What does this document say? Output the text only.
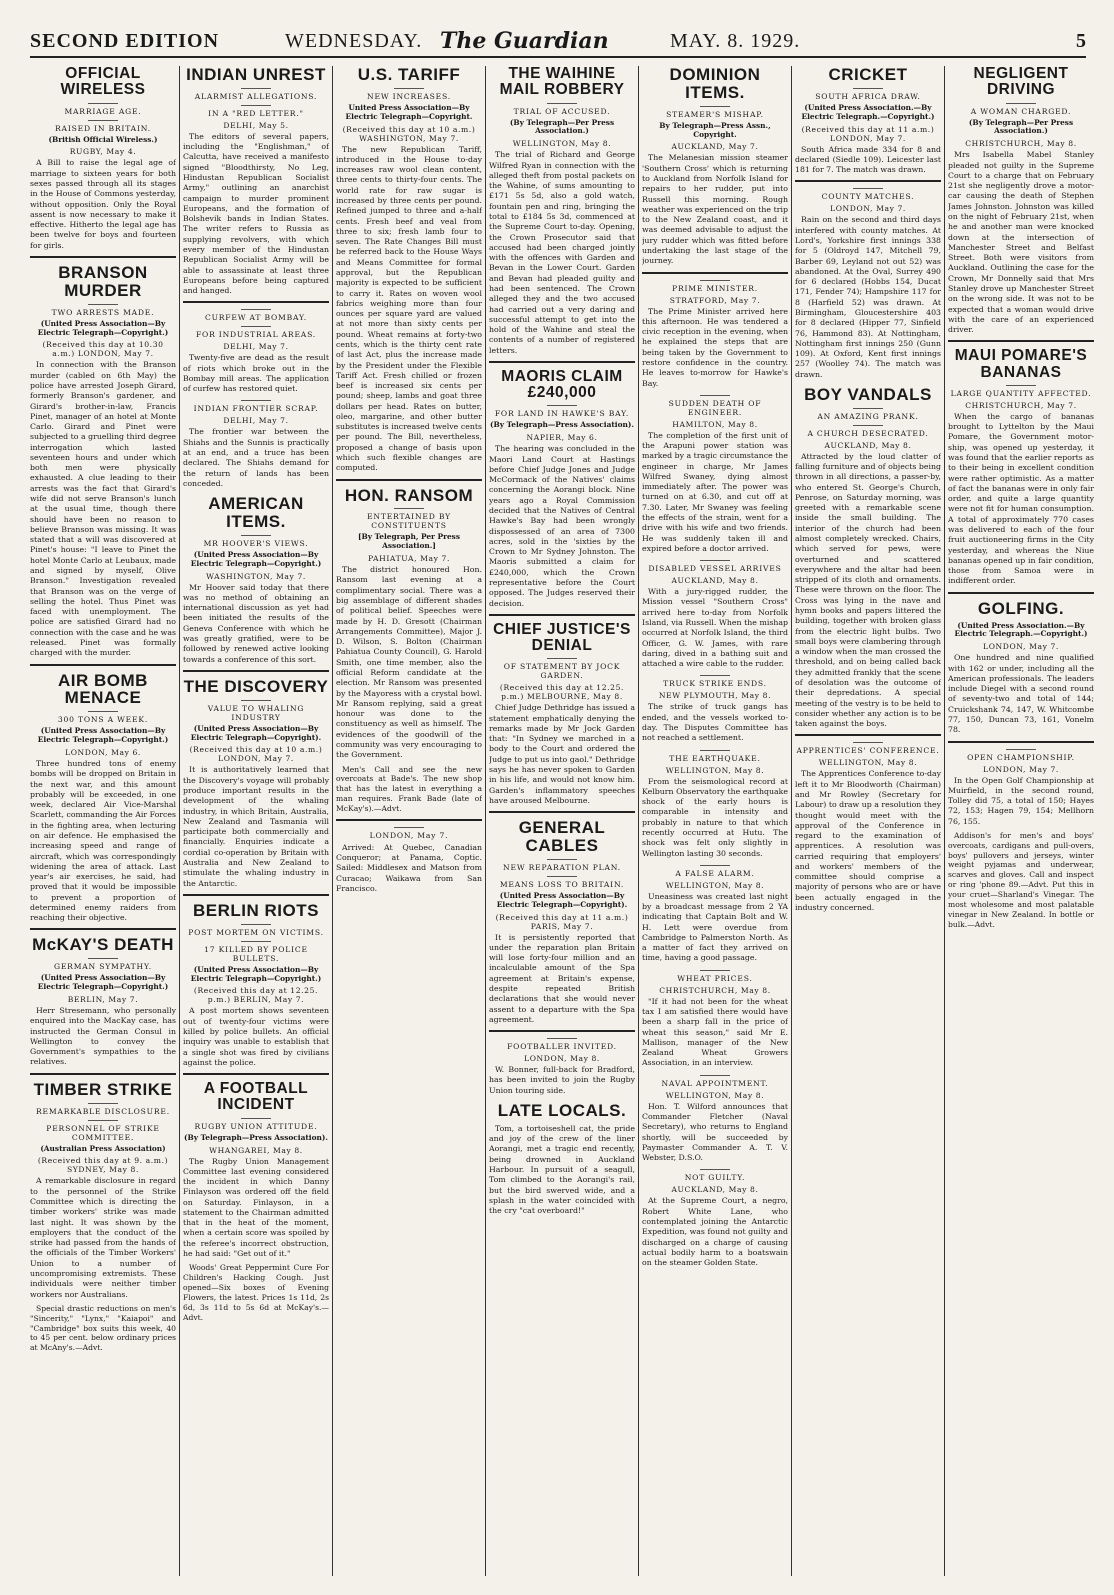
SECOND EDITION	WEDNESDAY. The Guardian	MAY. 8. 1929.	5
OFFICIAL WIRELESS
MARRIAGE AGE.
RAISED IN BRITAIN.
(British Official Wireless.)
RUGBY, May 4.
A Bill to raise the legal age of marriage to sixteen years for both sexes passed through all its stages in the House of Commons yesterday, without opposition. Only the Royal assent is now necessary to make it effective. Hitherto the legal age has been twelve for boys and fourteen for girls.
BRANSON MURDER
TWO ARRESTS MADE.
(United Press Association—By Electric Telegraph—Copyright.)
(Received this day at 10.30 a.m.) LONDON, May 7.
In connection with the Branson murder (cabled on 6th May) the police have arrested Joseph Girard, formerly Branson's gardener, and Girard's brother-in-law, Francis Pinet, manager of an hotel at Monte Carlo. Girard and Pinet were subjected to a gruelling third degree interrogation which lasted seventeen hours and under which both men were physically exhausted. A clue leading to their arrests was the fact that Girard's wife did not serve Branson's lunch at the usual time, though there should have been no reason to believe Branson was missing. It was stated that a will was discovered at Pinet's house: "I leave to Pinet the hotel Monte Carlo at Leubaux, made and signed by myself, Olive Branson." Investigation revealed that Branson was on the verge of selling the hotel. Thus Pinet was faced with unemployment. The police are satisfied Girard had no connection with the case and he was released. Pinet was formally charged with the murder.
AIR BOMB MENACE
300 TONS A WEEK.
(United Press Association—By Electric Telegraph—Copyright.)
LONDON, May 6.
Three hundred tons of enemy bombs will be dropped on Britain in the next war, and this amount probably will be exceeded, in one week, declared Air Vice-Marshal Scarlett, commanding the Air Forces in the fighting area, when lecturing on air defence. He emphasised the increasing speed and range of aircraft, which was correspondingly widening the area of attack. Last year's air exercises, he said, had proved that it would be impossible to prevent a proportion of determined enemy raiders from reaching their objective.
McKAY'S DEATH
GERMAN SYMPATHY.
(United Press Association—By Electric Telegraph—Copyright.)
BERLIN, May 7.
Herr Stresemann, who personally enquired into the MacKay case, has instructed the German Consul in Wellington to convey the Government's sympathies to the relatives.
TIMBER STRIKE
REMARKABLE DISCLOSURE.
PERSONNEL OF STRIKE COMMITTEE.
(Australian Press Association)
(Received this day at 9. a.m.) SYDNEY, May 8.
A remarkable disclosure in regard to the personnel of the Strike Committee which is directing the timber workers' strike was made last night. It was shown by the employers that the conduct of the strike had passed from the hands of the officials of the Timber Workers' Union to a number of uncompromising extremists. These individuals were neither timber workers nor Australians.
Special drastic reductions on men's "Sincerity," "Lynx," "Kaiapoi" and "Cambridge" box suits this week, 40 to 45 per cent. below ordinary prices at McAny's.—Advt.
INDIAN UNREST
ALARMIST ALLEGATIONS.
IN A "RED LETTER."
DELHI, May 5.
The editors of several papers, including the "Englishman," of Calcutta, have received a manifesto signed "Bloodthirsty, No Leg, Hindustan Republican Socialist Army," outlining an anarchist campaign to murder prominent Europeans, and the formation of Bolshevik bands in Indian States. The writer refers to Russia as supplying revolvers, with which every member of the Hindustan Republican Socialist Army will be able to assassinate at least three Europeans before being captured and hanged.
CURFEW AT BOMBAY.
FOR INDUSTRIAL AREAS.
DELHI, May 7.
Twenty-five are dead as the result of riots which broke out in the Bombay mill areas. The application of curfew has restored quiet.
INDIAN FRONTIER SCRAP.
DELHI, May 7.
The frontier war between the Shiahs and the Sunnis is practically at an end, and a truce has been declared. The Shiahs demand for the return of lands has been conceded.
AMERICAN ITEMS.
MR HOOVER'S VIEWS.
(United Press Association—By Electric Telegraph—Copyright.)
WASHINGTON, May 7.
Mr Hoover said today that there was no method of obtaining an international discussion as yet had been initiated the results of the Geneva Conference with which he was greatly gratified, were to be followed by renewed active looking towards a conference of this sort.
THE DISCOVERY
VALUE TO WHALING INDUSTRY
(United Press Association—By Electric Telegraph—Copyright).
(Received this day at 10 a.m.) LONDON, May 7.
It is authoritatively learned that the Discovery's voyage will probably produce important results in the development of the whaling industry, in which Britain, Australia, New Zealand and Tasmania will participate both commercially and financially. Enquiries indicate a cordial co-operation by Britain with Australia and New Zealand to stimulate the whaling industry in the Antarctic.
BERLIN RIOTS
POST MORTEM ON VICTIMS.
17 KILLED BY POLICE BULLETS.
(United Press Association—By Electric Telegraph—Copyright.)
(Received this day at 12.25. p.m.) BERLIN, May 7.
A post mortem shows seventeen out of twenty-four victims were killed by police bullets. An official inquiry was unable to establish that a single shot was fired by civilians against the police.
A FOOTBALL INCIDENT
RUGBY UNION ATTITUDE.
(By Telegraph—Press Association).
WHANGAREI, May 8.
The Rugby Union Management Committee last evening considered the incident in which Danny Finlayson was ordered off the field on Saturday. Finlayson, in a statement to the Chairman admitted that in the heat of the moment, when a certain score was spoiled by the referee's incorrect obstruction, he had said: "Get out of it."
Woods' Great Peppermint Cure For Children's Hacking Cough. Just opened—Six boxes of Evening Flowers, the latest. Prices 1s 11d, 2s 6d, 3s 11d to 5s 6d at McKay's.—Advt.
U.S. TARIFF
NEW INCREASES.
United Press Association—By Electric Telegraph—Copyright.
(Received this day at 10 a.m.) WASHINGTON, May 7.
The new Republican Tariff, introduced in the House to-day increases raw wool clean content, three cents to thirty-four cents. The world rate for raw sugar is increased by three cents per pound. Refined jumped to three and a-half cents. Fresh beef and veal from three to six; fresh lamb four to seven. The Rate Changes Bill must be referred back to the House Ways and Means Committee for formal approval, but the Republican majority is expected to be sufficient to carry it. Rates on woven wool fabrics weighing more than four ounces per square yard are valued at not more than sixty cents per pound. Wheat remains at forty-two cents, which is the thirty cent rate of last Act, plus the increase made by the President under the Flexible Tariff Act. Fresh chilled or frozen beef is increased six cents per pound; sheep, lambs and goat three dollars per head. Rates on butter, oleo, margarine, and other butter substitutes is increased twelve cents per pound. The Bill, nevertheless, proposed a change of basis upon which such flexible changes are computed.
HON. RANSOM
ENTERTAINED BY CONSTITUENTS
[By Telegraph, Per Press Association.]
PAHIATUA, May 7.
The district honoured Hon. Ransom last evening at a complimentary social. There was a big assemblage of different shades of political belief. Speeches were made by H. D. Gresott (Chairman Arrangements Committee), Major J. D. Wilson, S. Bolton (Chairman Pahiatua County Council), G. Harold Smith, one time member, also the official Reform candidate at the election. Mr Ransom was presented by the Mayoress with a crystal bowl. Mr Ransom replying, said a great honour was done to the constituency as well as himself. The evidences of the goodwill of the community was very encouraging to the Government.
Men's Call and see the new overcoats at Bade's. The new shop that has the latest in everything a man requires. Frank Bade (late of McKay's).—Advt.
LONDON, May 7.
Arrived: At Quebec, Canadian Conqueror; at Panama, Coptic. Sailed: Middlesex and Matson from Curacao; Waikawa from San Francisco.
THE WAIHINE MAIL ROBBERY
TRIAL OF ACCUSED.
(By Telegraph—Per Press Association.)
WELLINGTON, May 8.
The trial of Richard and George Wilfred Ryan in connection with the alleged theft from postal packets on the Wahine, of sums amounting to £171 5s 5d, also a gold watch, fountain pen and ring, bringing the total to £184 5s 3d, commenced at the Supreme Court to-day. Opening, the Crown Prosecutor said that accused had been charged jointly with the offences with Garden and Bevan in the Lower Court. Garden and Bevan had pleaded guilty and had been sentenced. The Crown alleged they and the two accused had carried out a very daring and successful attempt to get into the hold of the Wahine and steal the contents of a number of registered letters.
MAORIS CLAIM £240,000
FOR LAND IN HAWKE'S BAY.
(By Telegraph—Press Association).
NAPIER, May 6.
The hearing was concluded in the Maori Land Court at Hastings before Chief Judge Jones and Judge McCormack of the Natives' claims concerning the Aorangi block. Nine years ago a Royal Commission decided that the Natives of Central Hawke's Bay had been wrongly dispossessed of an area of 7300 acres, sold in the 'sixties by the Crown to Mr Sydney Johnston. The Maoris submitted a claim for £240,000, which the Crown representative before the Court opposed. The Judges reserved their decision.
CHIEF JUSTICE'S DENIAL
OF STATEMENT BY JOCK GARDEN.
(Received this day at 12.25. p.m.) MELBOURNE, May 8.
Chief Judge Dethridge has issued a statement emphatically denying the remarks made by Mr Jock Garden that: "In Sydney we marched in a body to the Court and ordered the Judge to put us into gaol." Dethridge says he has never spoken to Garden in his life, and would not know him. Garden's inflammatory speeches have aroused Melbourne.
GENERAL CABLES
NEW REPARATION PLAN.
MEANS LOSS TO BRITAIN.
(United Press Association—By Electric Telegraph—Copyright).
(Received this day at 11 a.m.) PARIS, May 7.
It is persistently reported that under the reparation plan Britain will lose forty-four million and an incalculable amount of the Spa agreement at Britain's expense, despite repeated British declarations that she would never assent to a departure with the Spa agreement.
FOOTBALLER INVITED.
LONDON, May 8.
W. Bonner, full-back for Bradford, has been invited to join the Rugby Union touring side.
LATE LOCALS.
Tom, a tortoiseshell cat, the pride and joy of the crew of the liner Aorangi, met a tragic end recently, being drowned in Auckland Harbour. In pursuit of a seagull, Tom climbed to the Aorangi's rail, but the bird swerved wide, and a splash in the water coincided with the cry "cat overboard!"
DOMINION ITEMS.
STEAMER'S MISHAP.
By Telegraph—Press Assn., Copyright.
AUCKLAND, May 7.
The Melanesian mission steamer 'Southern Cross' which is returning to Auckland from Norfolk Island for repairs to her rudder, put into Russell this morning. Rough weather was experienced on the trip to the New Zealand coast, and it was deemed advisable to adjust the jury rudder which was fitted before undertaking the last stage of the journey.
PRIME MINISTER.
STRATFORD, May 7.
The Prime Minister arrived here this afternoon. He was tendered a civic reception in the evening, when he explained the steps that are being taken by the Government to restore confidence in the country. He leaves to-morrow for Hawke's Bay.
SUDDEN DEATH OF ENGINEER.
HAMILTON, May 8.
The completion of the first unit of the Arapuni power station was marked by a tragic circumstance the engineer in charge, Mr James Wilfred Swaney, dying almost immediately after. The power was turned on at 6.30, and cut off at 7.30. Later, Mr Swaney was feeling the effects of the strain, went for a drive with his wife and two friends. He was suddenly taken ill and expired before a doctor arrived.
DISABLED VESSEL ARRIVES
AUCKLAND, May 8.
With a jury-rigged rudder, the Mission vessel "Southern Cross" arrived here to-day from Norfolk Island, via Russell. When the mishap occurred at Norfolk Island, the third Officer, G. W. James, with rare daring, dived in a bathing suit and attached a wire cable to the rudder.
TRUCK STRIKE ENDS.
NEW PLYMOUTH, May 8.
The strike of truck gangs has ended, and the vessels worked to-day. The Disputes Committee has not reached a settlement.
THE EARTHQUAKE.
WELLINGTON, May 8.
From the seismological record at Kelburn Observatory the earthquake shock of the early hours is comparable in intensity and probably in nature to that which recently occurred at Hutu. The shock was felt only slightly in Wellington lasting 30 seconds.
A FALSE ALARM.
WELLINGTON, May 8.
Uneasiness was created last night by a broadcast message from 2 YA indicating that Captain Bolt and W. H. Lett were overdue from Cambridge to Palmerston North. As a matter of fact they arrived on time, having a good passage.
WHEAT PRICES.
CHRISTCHURCH, May 8.
"If it had not been for the wheat tax I am satisfied there would have been a sharp fall in the price of wheat this season," said Mr E. Mallison, manager of the New Zealand Wheat Growers Association, in an interview.
NAVAL APPOINTMENT.
WELLINGTON, May 8.
Hon. T. Wilford announces that Commander Fletcher (Naval Secretary), who returns to England shortly, will be succeeded by Paymaster Commander A. T. V. Webster, D.S.O.
NOT GUILTY.
AUCKLAND, May 8.
At the Supreme Court, a negro, Robert White Lane, who contemplated joining the Antarctic Expedition, was found not guilty and discharged on a charge of causing actual bodily harm to a boatswain on the steamer Golden State.
CRICKET
SOUTH AFRICA DRAW.
(United Press Association.—By Electric Telegraph.—Copyright.)
(Received this day at 11 a.m.) LONDON, May 7.
South Africa made 334 for 8 and declared (Siedle 109). Leicester last 181 for 7. The match was drawn.
COUNTY MATCHES.
LONDON, May 7.
Rain on the second and third days interfered with county matches. At Lord's, Yorkshire first innings 338 for 5 (Oldroyd 147, Mitchell 79, Barber 69, Leyland not out 52) was abandoned. At the Oval, Surrey 490 for 6 declared (Hobbs 154, Ducat 171, Fender 74); Hampshire 117 for 8 (Harfield 52) was drawn. At Birmingham, Gloucestershire 403 for 8 declared (Hipper 77, Sinfield 76, Hammond 83). At Nottingham, Nottingham first innings 250 (Gunn 109). At Oxford, Kent first innings 257 (Woolley 74). The match was drawn.
BOY VANDALS
AN AMAZING PRANK.
A CHURCH DESECRATED.
AUCKLAND, May 8.
Attracted by the loud clatter of falling furniture and of objects being thrown in all directions, a passer-by, who entered St. George's Church, Penrose, on Saturday morning, was greeted with a remarkable scene inside the small building. The interior of the church had been almost completely wrecked. Chairs, which served for pews, were overturned and scattered everywhere and the altar had been stripped of its cloth and ornaments. These were thrown on the floor. The Cross was lying in the nave and hymn books and papers littered the building, together with broken glass from the electric light bulbs. Two small boys were clambering through a window when the man crossed the threshold, and on being called back they admitted frankly that the scene of desolation was the outcome of their depredations. A special meeting of the vestry is to be held to consider whether any action is to be taken against the boys.
APPRENTICES' CONFERENCE.
WELLINGTON, May 8.
The Apprentices Conference to-day left it to Mr Bloodworth (Chairman) and Mr Rowley (Secretary for Labour) to draw up a resolution they thought would meet with the approval of the Conference in regard to the examination of apprentices. A resolution was carried requiring that employers' and workers' members of the committee should comprise a majority of persons who are or have been actually engaged in the industry concerned.
NEGLIGENT DRIVING
A WOMAN CHARGED.
(By Telegraph—Per Press Association.)
CHRISTCHURCH, May 8.
Mrs Isabella Mabel Stanley pleaded not guilty in the Supreme Court to a charge that on February 21st she negligently drove a motor-car causing the death of Stephen James Johnston. Johnston was killed on the night of February 21st, when he and another man were knocked down at the intersection of Manchester Street and Belfast Street. Both were visitors from Auckland. Outlining the case for the Crown, Mr Donnelly said that Mrs Stanley drove up Manchester Street on the wrong side. It was not to be expected that a woman would drive with the care of an experienced driver.
MAUI POMARE'S BANANAS
LARGE QUANTITY AFFECTED.
CHRISTCHURCH, May 7.
When the cargo of bananas brought to Lyttelton by the Maui Pomare, the Government motor-ship, was opened up yesterday, it was found that the earlier reports as to their being in excellent condition were rather optimistic. As a matter of fact the bananas were in only fair order, and quite a large quantity were not fit for human consumption. A total of approximately 770 cases was delivered to each of the four fruit auctioneering firms in the City yesterday, and whereas the Niue bananas opened up in fair condition, those from Samoa were in indifferent order.
GOLFING.
(United Press Association.—By Electric Telegraph.—Copyright.)
LONDON, May 7.
One hundred and nine qualified with 162 or under, including all the American professionals. The leaders include Diegel with a second round of seventy-two and total of 144; Cruickshank 74, 147, W. Whitcombe 77, 150, Duncan 73, 161, Vonelm 78.
OPEN CHAMPIONSHIP.
LONDON, May 7.
In the Open Golf Championship at Muirfield, in the second round, Tolley did 75, a total of 150; Hayes 72, 153; Hagen 79, 154; Mellhorn 76, 155.
Addison's for men's and boys' overcoats, cardigans and pull-overs, boys' pullovers and jerseys, winter weight pyjamas and underwear, scarves and gloves. Call and inspect or ring 'phone 89.—Advt. Put this in your cruet—Sharland's Vinegar. The most wholesome and most palatable vinegar in New Zealand. In bottle or bulk.—Advt.
